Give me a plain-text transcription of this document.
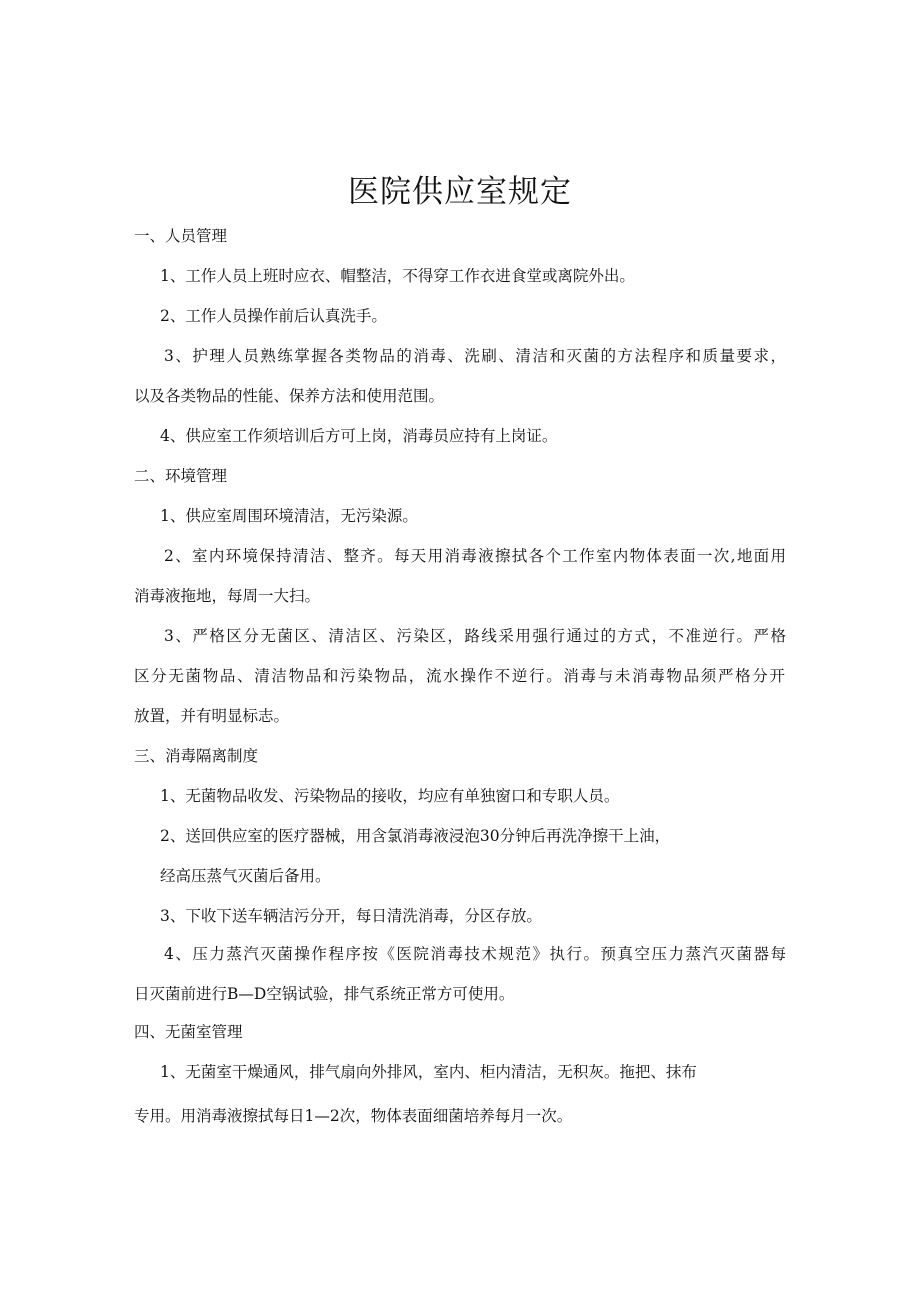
医院供应室规定
一、人员管理
1、工作人员上班时应衣、帽整洁，不得穿工作衣进食堂或离院外出。
2、工作人员操作前后认真洗手。
3、护理人员熟练掌握各类物品的消毒、洗刷、清洁和灭菌的方法程序和质量要求，
以及各类物品的性能、保养方法和使用范围。
4、供应室工作须培训后方可上岗，消毒员应持有上岗证。
二、环境管理
1、供应室周围环境清洁，无污染源。
2、室内环境保持清洁、整齐。每天用消毒液擦拭各个工作室内物体表面一次,地面用
消毒液拖地，每周一大扫。
3、严格区分无菌区、清洁区、污染区，路线采用强行通过的方式，不准逆行。严格
区分无菌物品、清洁物品和污染物品，流水操作不逆行。消毒与未消毒物品须严格分开
放置，并有明显标志。
三、消毒隔离制度
1、无菌物品收发、污染物品的接收，均应有单独窗口和专职人员。
2、送回供应室的医疗器械，用含氯消毒液浸泡30分钟后再洗净擦干上油，
经高压蒸气灭菌后备用。
3、下收下送车辆洁污分开，每日清洗消毒，分区存放。
4、压力蒸汽灭菌操作程序按《医院消毒技术规范》执行。预真空压力蒸汽灭菌器每
日灭菌前进行B—D空锅试验，排气系统正常方可使用。
四、无菌室管理
1、无菌室干燥通风，排气扇向外排风，室内、柜内清洁，无积灰。拖把、抹布
专用。用消毒液擦拭每日1—2次，物体表面细菌培养每月一次。
